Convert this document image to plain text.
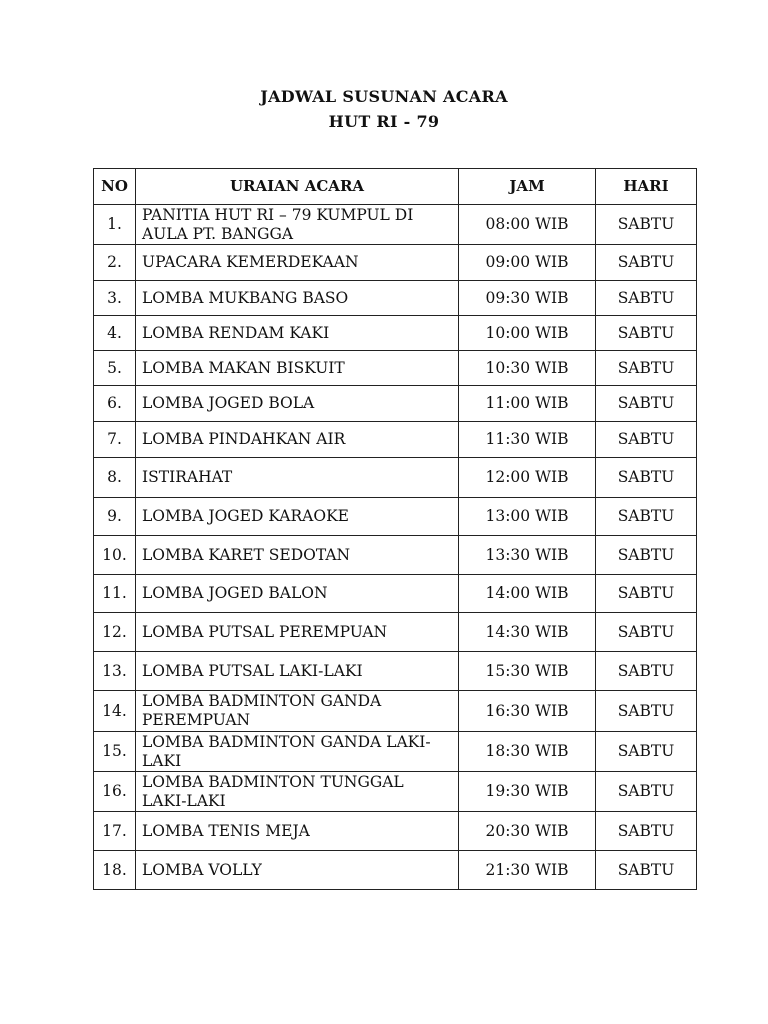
JADWAL SUSUNAN ACARA
HUT RI - 79
NO	URAIAN ACARA	JAM	HARI
1.	PANITIA HUT RI – 79 KUMPUL DI AULA PT. BANGGA	08:00 WIB	SABTU
2.	UPACARA KEMERDEKAAN	09:00 WIB	SABTU
3.	LOMBA MUKBANG BASO	09:30 WIB	SABTU
4.	LOMBA RENDAM KAKI	10:00 WIB	SABTU
5.	LOMBA MAKAN BISKUIT	10:30 WIB	SABTU
6.	LOMBA JOGED BOLA	11:00 WIB	SABTU
7.	LOMBA PINDAHKAN AIR	11:30 WIB	SABTU
8.	ISTIRAHAT	12:00 WIB	SABTU
9.	LOMBA JOGED KARAOKE	13:00 WIB	SABTU
10.	LOMBA KARET SEDOTAN	13:30 WIB	SABTU
11.	LOMBA JOGED BALON	14:00 WIB	SABTU
12.	LOMBA PUTSAL PEREMPUAN	14:30 WIB	SABTU
13.	LOMBA PUTSAL LAKI-LAKI	15:30 WIB	SABTU
14.	LOMBA BADMINTON GANDA PEREMPUAN	16:30 WIB	SABTU
15.	LOMBA BADMINTON GANDA LAKI-LAKI	18:30 WIB	SABTU
16.	LOMBA BADMINTON TUNGGAL LAKI-LAKI	19:30 WIB	SABTU
17.	LOMBA TENIS MEJA	20:30 WIB	SABTU
18.	LOMBA VOLLY	21:30 WIB	SABTU
